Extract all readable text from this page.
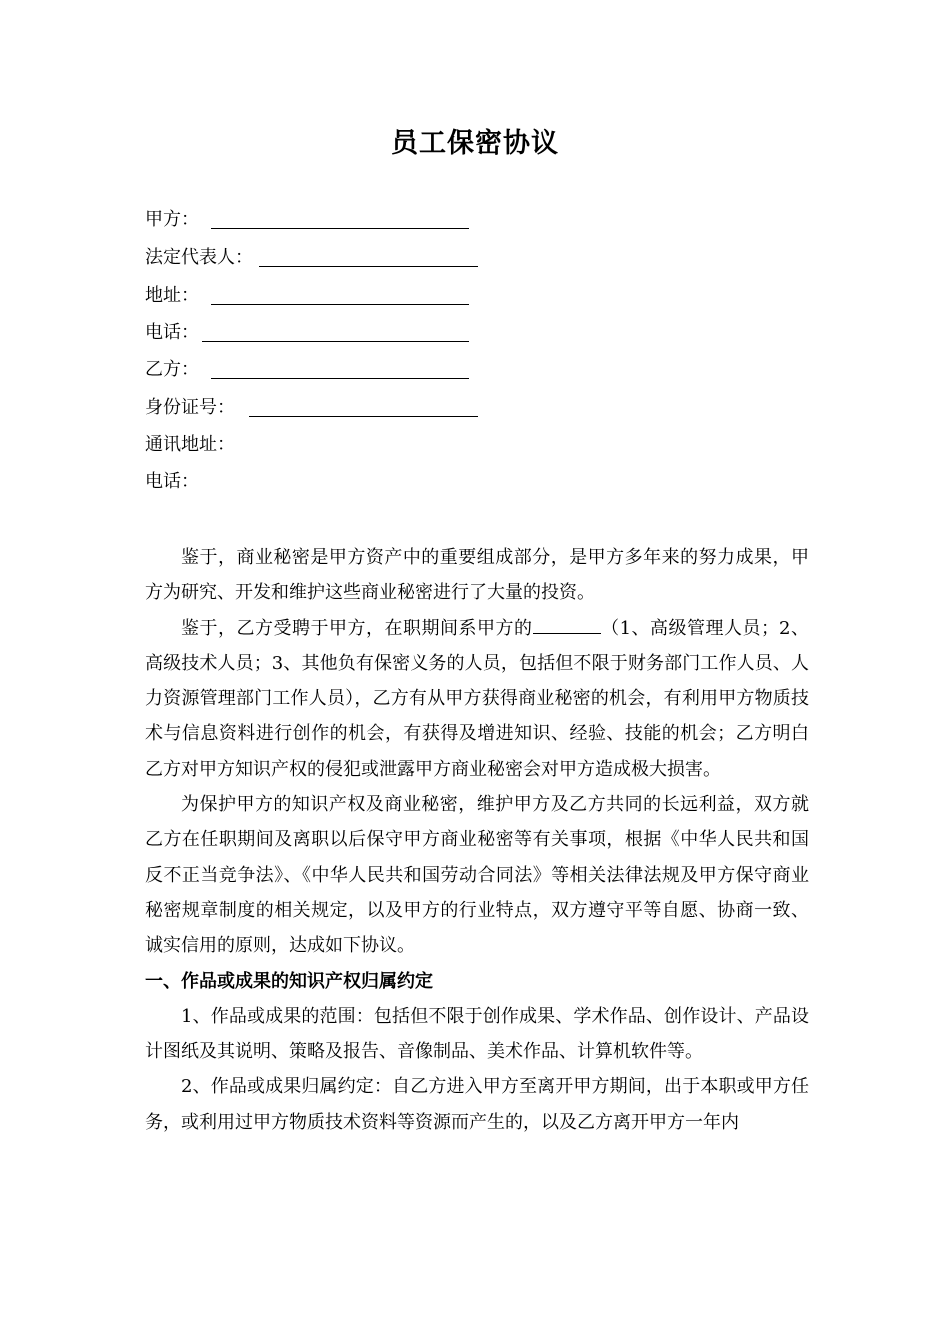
员工保密协议
甲方：
法定代表人：
地址：
电话：
乙方：
身份证号：
通讯地址：
电话：

鉴于，商业秘密是甲方资产中的重要组成部分，是甲方多年来的努力成果，甲方为研究、开发和维护这些商业秘密进行了大量的投资。

鉴于，乙方受聘于甲方，在职期间系甲方的	（1、高级管理人员；2、高级技术人员；3、其他负有保密义务的人员，包括但不限于财务部门工作人员、人力资源管理部门工作人员），乙方有从甲方获得商业秘密的机会，有利用甲方物质技术与信息资料进行创作的机会，有获得及增进知识、经验、技能的机会；乙方明白乙方对甲方知识产权的侵犯或泄露甲方商业秘密会对甲方造成极大损害。

为保护甲方的知识产权及商业秘密，维护甲方及乙方共同的长远利益，双方就乙方在任职期间及离职以后保守甲方商业秘密等有关事项，根据《中华人民共和国反不正当竞争法》、《中华人民共和国劳动合同法》等相关法律法规及甲方保守商业秘密规章制度的相关规定，以及甲方的行业特点，双方遵守平等自愿、协商一致、诚实信用的原则，达成如下协议。

一、作品或成果的知识产权归属约定

1、作品或成果的范围：包括但不限于创作成果、学术作品、创作设计、产品设计图纸及其说明、策略及报告、音像制品、美术作品、计算机软件等。

2、作品或成果归属约定：自乙方进入甲方至离开甲方期间，出于本职或甲方任务，或利用过甲方物质技术资料等资源而产生的，以及乙方离开甲方一年内
